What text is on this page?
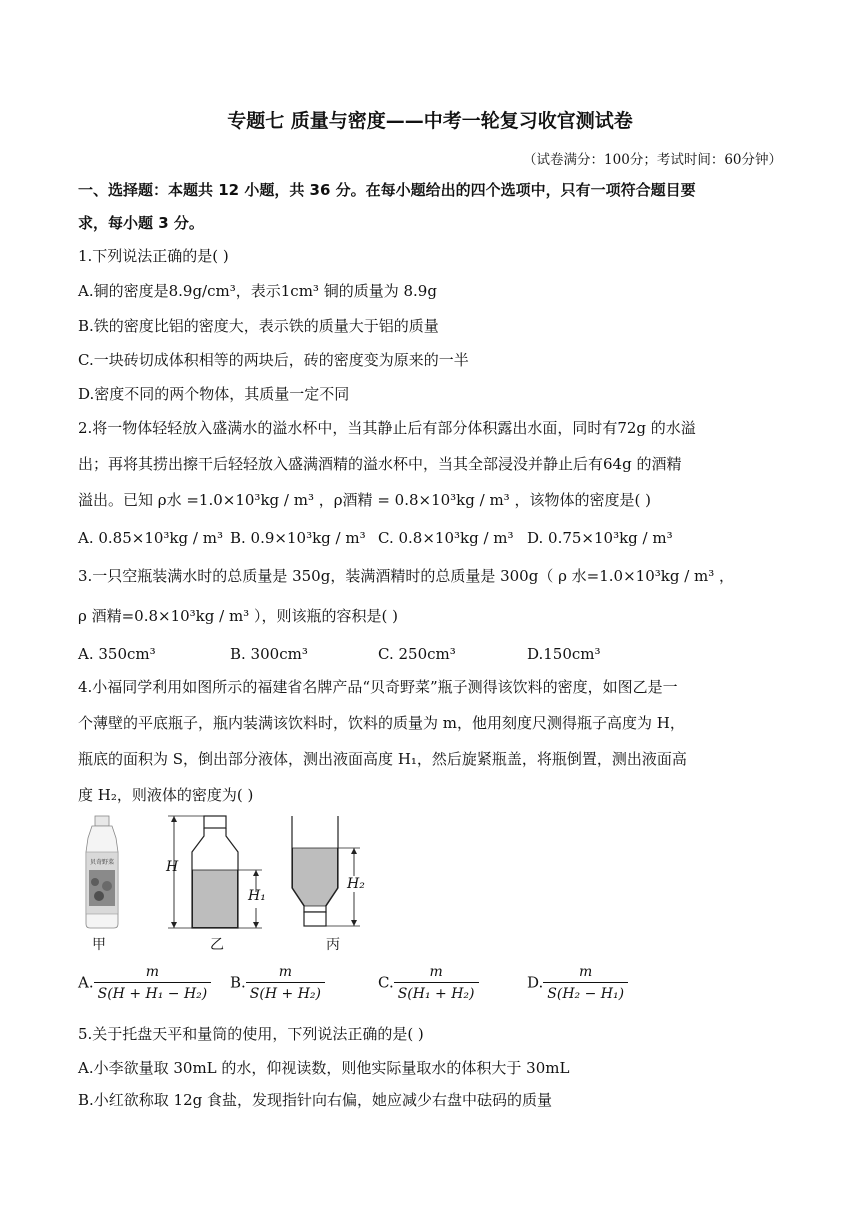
专题七 质量与密度——中考一轮复习收官测试卷
（试卷满分：100分；考试时间：60分钟）
一、选择题：本题共 12 小题，共 36 分。在每小题给出的四个选项中，只有一项符合题目要
求，每小题 3 分。
1.下列说法正确的是( )
A.铜的密度是8.9g/cm³，表示1cm³ 铜的质量为 8.9g
B.铁的密度比铝的密度大，表示铁的质量大于铝的质量
C.一块砖切成体积相等的两块后，砖的密度变为原来的一半
D.密度不同的两个物体，其质量一定不同
2.将一物体轻轻放入盛满水的溢水杯中，当其静止后有部分体积露出水面，同时有72g 的水溢
出；再将其捞出擦干后轻轻放入盛满酒精的溢水杯中，当其全部浸没并静止后有64g 的酒精
溢出。已知 ρ水 =1.0×10³kg / m³ ，ρ酒精 = 0.8×10³kg / m³ ，该物体的密度是( )
A. 0.85×10³kg / m³ B. 0.9×10³kg / m³ C. 0.8×10³kg / m³ D. 0.75×10³kg / m³
3.一只空瓶装满水时的总质量是 350g，装满酒精时的总质量是 300g（ ρ 水=1.0×10³kg / m³ ，
ρ 酒精=0.8×10³kg / m³ ），则该瓶的容积是( )
A. 350cm³	B. 300cm³	C. 250cm³	D.150cm³
4.小福同学利用如图所示的福建省名牌产品“贝奇野菜”瓶子测得该饮料的密度，如图乙是一
个薄壁的平底瓶子，瓶内装满该饮料时，饮料的质量为 m，他用刻度尺测得瓶子高度为 H，
瓶底的面积为 S，倒出部分液体，测出液面高度 H₁，然后旋紧瓶盖，将瓶倒置，测出液面高
度 H₂，则液体的密度为( )
贝奇野菜	H
H₁
H₂
甲	乙	丙
A. $\frac{m}{\text{S(H + H₁ − H₂)}} B$. $\frac{m}{\text{S(H + H₂)}}$	C. $\frac{m}{\text{S(H₁ + H₂)}}$	D. $\frac{m}{\text{S(H₂ − H₁)}}$
5.关于托盘天平和量筒的使用，下列说法正确的是( )
A.小李欲量取 30mL 的水，仰视读数，则他实际量取水的体积大于 30mL
B.小红欲称取 12g 食盐，发现指针向右偏，她应减少右盘中砝码的质量
